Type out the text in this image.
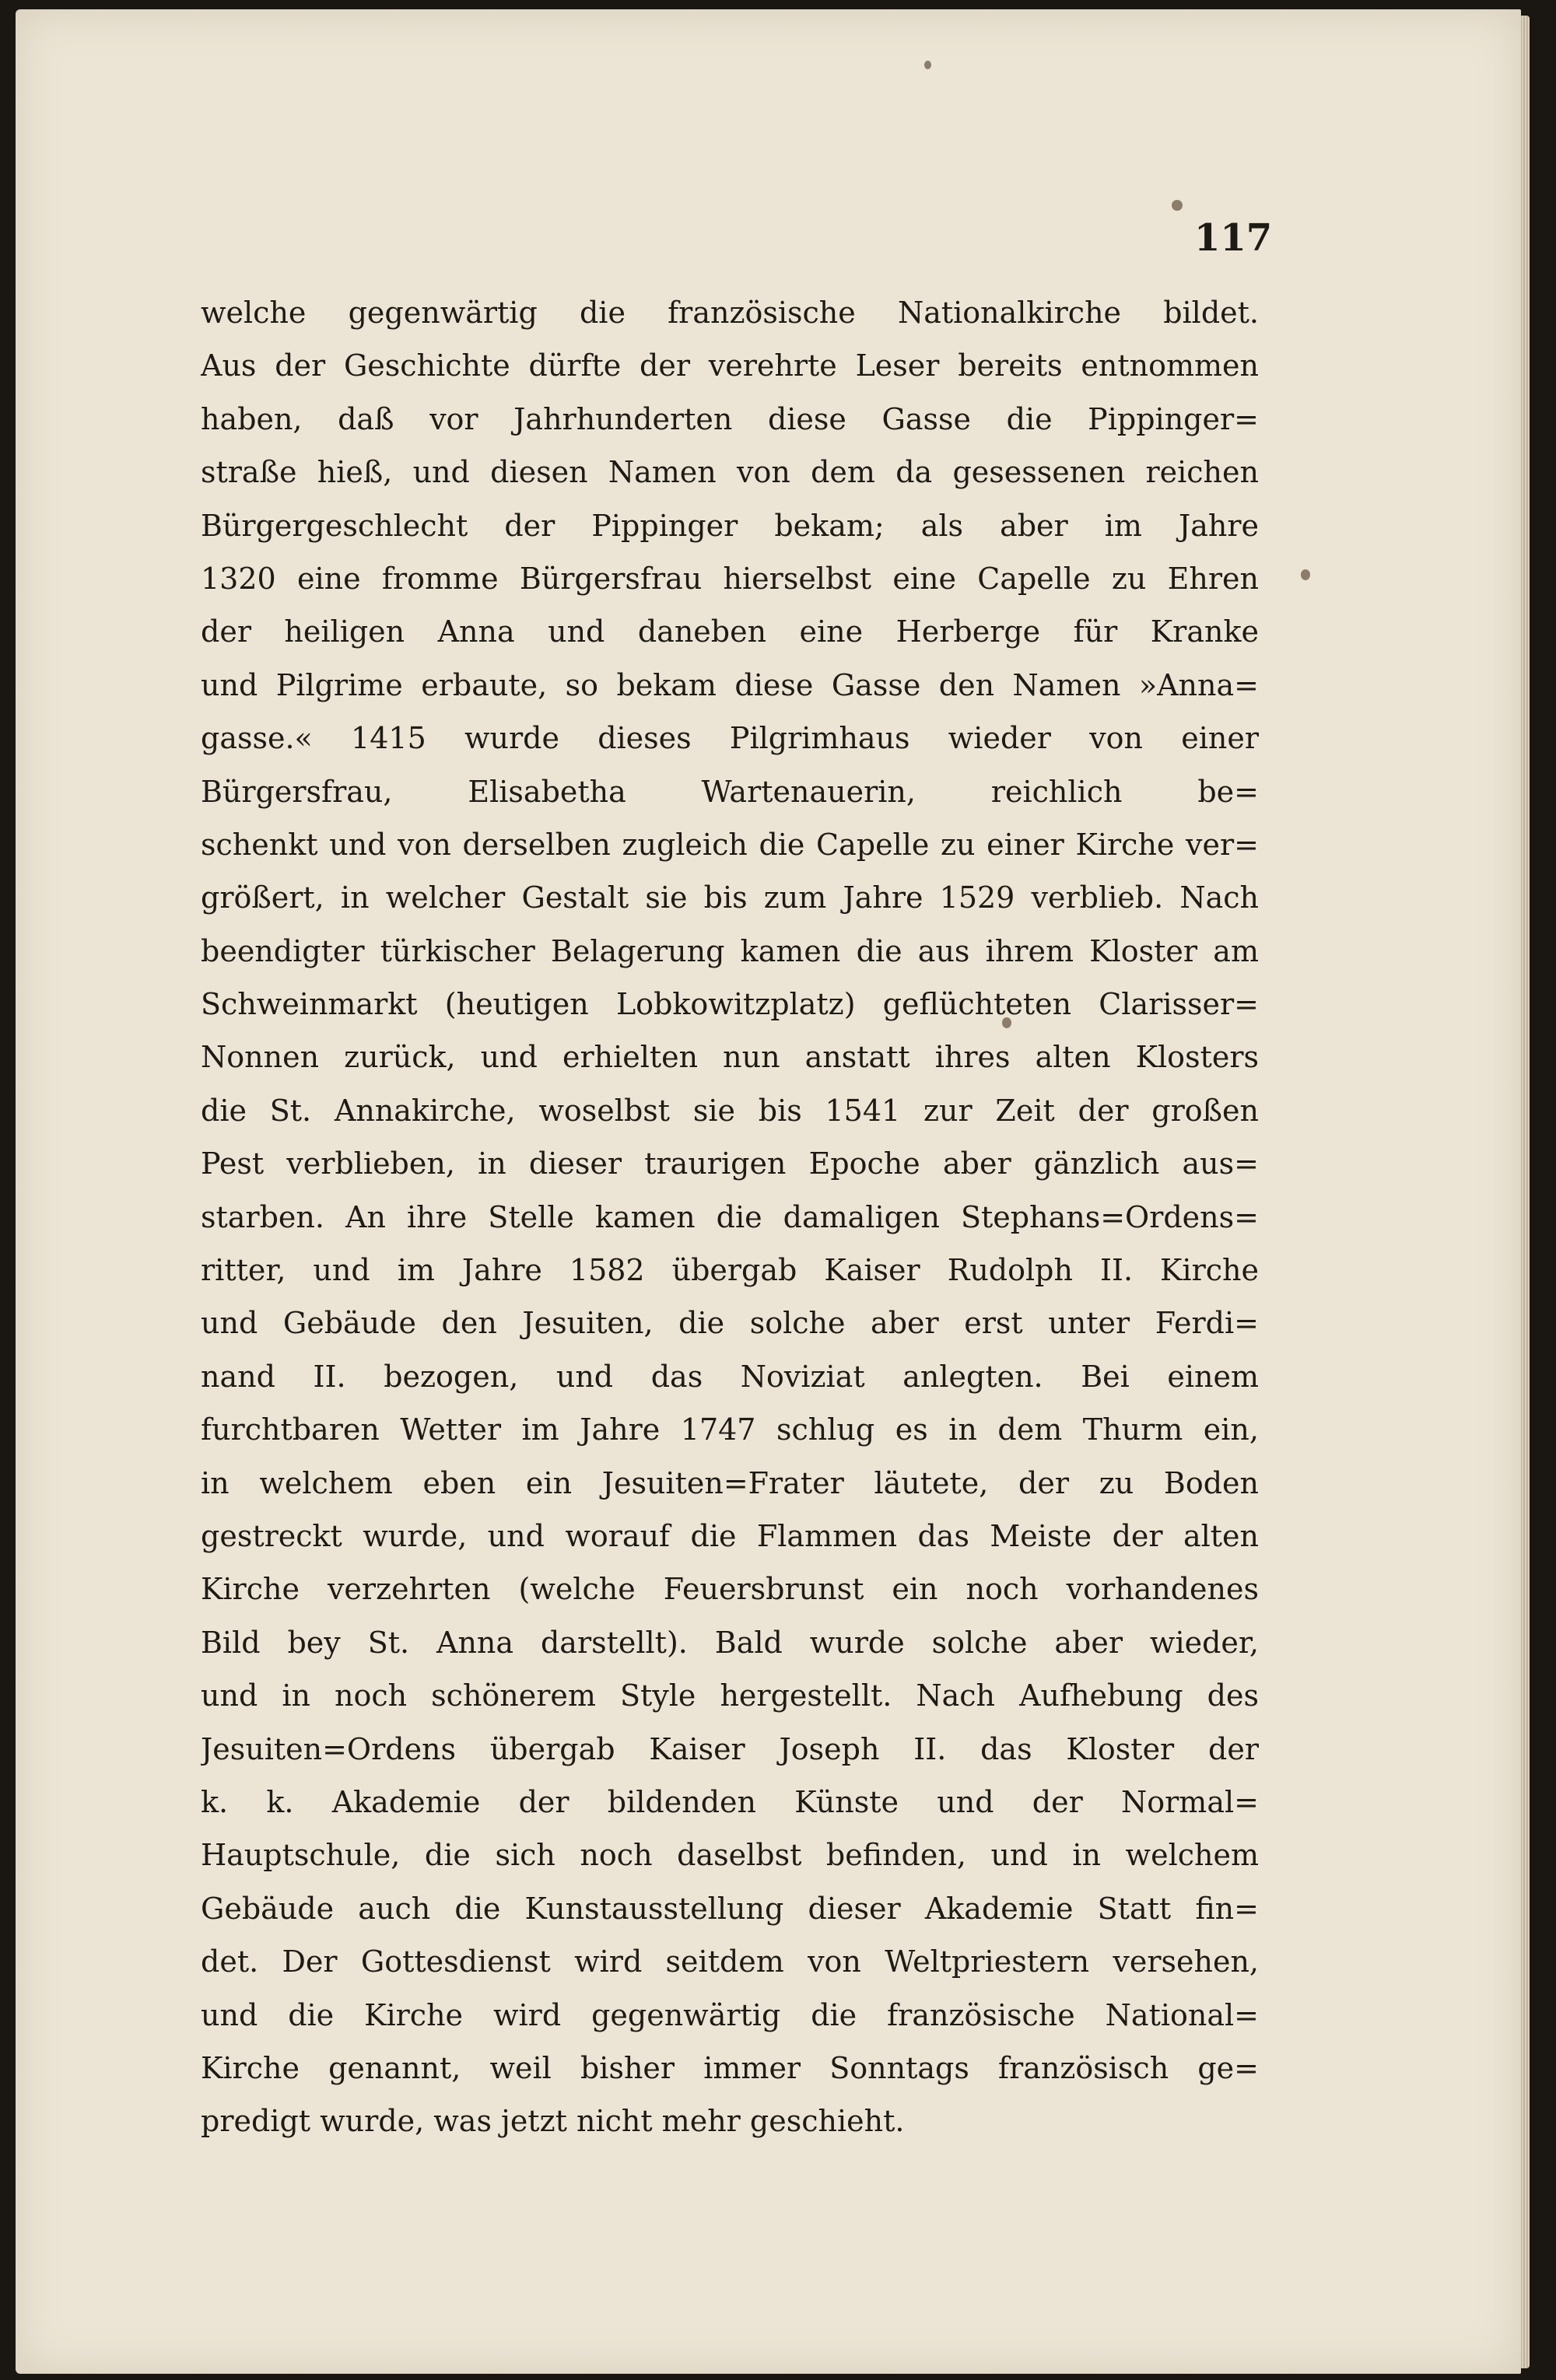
117
welche gegenwärtig die französische Nationalkirche bildet.
Aus der Geschichte dürfte der verehrte Leser bereits entnommen
haben, daß vor Jahrhunderten diese Gasse die Pippinger=
straße hieß, und diesen Namen von dem da gesessenen reichen
Bürgergeschlecht der Pippinger bekam; als aber im Jahre
1320 eine fromme Bürgersfrau hierselbst eine Capelle zu Ehren
der heiligen Anna und daneben eine Herberge für Kranke
und Pilgrime erbaute, so bekam diese Gasse den Namen »Anna=
gasse.« 1415 wurde dieses Pilgrimhaus wieder von einer
Bürgersfrau, Elisabetha Wartenauerin, reichlich be=
schenkt und von derselben zugleich die Capelle zu einer Kirche ver=
größert, in welcher Gestalt sie bis zum Jahre 1529 verblieb. Nach
beendigter türkischer Belagerung kamen die aus ihrem Kloster am
Schweinmarkt (heutigen Lobkowitzplatz) geflüchteten Clarisser=
Nonnen zurück, und erhielten nun anstatt ihres alten Klosters
die St. Annakirche, woselbst sie bis 1541 zur Zeit der großen
Pest verblieben, in dieser traurigen Epoche aber gänzlich aus=
starben. An ihre Stelle kamen die damaligen Stephans=Ordens=
ritter, und im Jahre 1582 übergab Kaiser Rudolph II. Kirche
und Gebäude den Jesuiten, die solche aber erst unter Ferdi=
nand II. bezogen, und das Noviziat anlegten. Bei einem
furchtbaren Wetter im Jahre 1747 schlug es in dem Thurm ein,
in welchem eben ein Jesuiten=Frater läutete, der zu Boden
gestreckt wurde, und worauf die Flammen das Meiste der alten
Kirche verzehrten (welche Feuersbrunst ein noch vorhandenes
Bild bey St. Anna darstellt). Bald wurde solche aber wieder,
und in noch schönerem Style hergestellt. Nach Aufhebung des
Jesuiten=Ordens übergab Kaiser Joseph II. das Kloster der
k. k. Akademie der bildenden Künste und der Normal=
Hauptschule, die sich noch daselbst befinden, und in welchem
Gebäude auch die Kunstausstellung dieser Akademie Statt fin=
det. Der Gottesdienst wird seitdem von Weltpriestern versehen,
und die Kirche wird gegenwärtig die französische National=
Kirche genannt, weil bisher immer Sonntags französisch ge=
predigt wurde, was jetzt nicht mehr geschieht.
